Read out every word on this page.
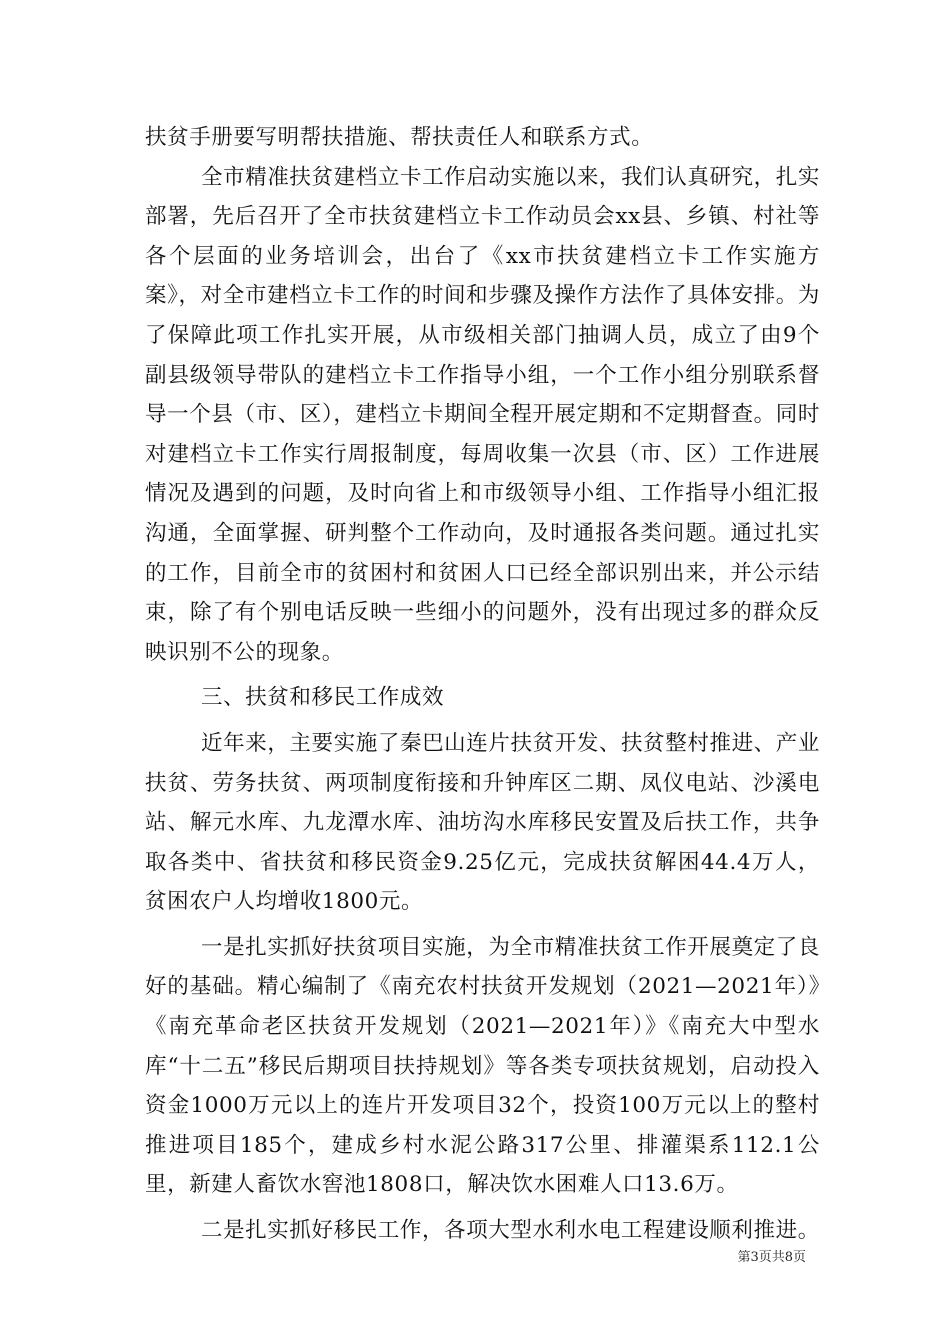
扶贫手册要写明帮扶措施、帮扶责任人和联系方式。

全市精准扶贫建档立卡工作启动实施以来，我们认真研究，扎实部署，先后召开了全市扶贫建档立卡工作动员会xx县、乡镇、村社等各个层面的业务培训会，出台了《xx市扶贫建档立卡工作实施方案》，对全市建档立卡工作的时间和步骤及操作方法作了具体安排。为了保障此项工作扎实开展，从市级相关部门抽调人员，成立了由9个副县级领导带队的建档立卡工作指导小组，一个工作小组分别联系督导一个县（市、区），建档立卡期间全程开展定期和不定期督查。同时对建档立卡工作实行周报制度，每周收集一次县（市、区）工作进展情况及遇到的问题，及时向省上和市级领导小组、工作指导小组汇报沟通，全面掌握、研判整个工作动向，及时通报各类问题。通过扎实的工作，目前全市的贫困村和贫困人口已经全部识别出来，并公示结束，除了有个别电话反映一些细小的问题外，没有出现过多的群众反映识别不公的现象。

三、扶贫和移民工作成效

近年来，主要实施了秦巴山连片扶贫开发、扶贫整村推进、产业扶贫、劳务扶贫、两项制度衔接和升钟库区二期、凤仪电站、沙溪电站、解元水库、九龙潭水库、油坊沟水库移民安置及后扶工作，共争取各类中、省扶贫和移民资金9.25亿元，完成扶贫解困44.4万人，贫困农户人均增收1800元。

一是扎实抓好扶贫项目实施，为全市精准扶贫工作开展奠定了良好的基础。精心编制了《南充农村扶贫开发规划（2021—2021年）》《南充革命老区扶贫开发规划（2021—2021年）》《南充大中型水库“十二五”移民后期项目扶持规划》等各类专项扶贫规划，启动投入资金1000万元以上的连片开发项目32个，投资100万元以上的整村推进项目185个，建成乡村水泥公路317公里、排灌渠系112.1公里，新建人畜饮水窖池1808口，解决饮水困难人口13.6万。

二是扎实抓好移民工作，各项大型水利水电工程建设顺利推进。

第3页共8页
